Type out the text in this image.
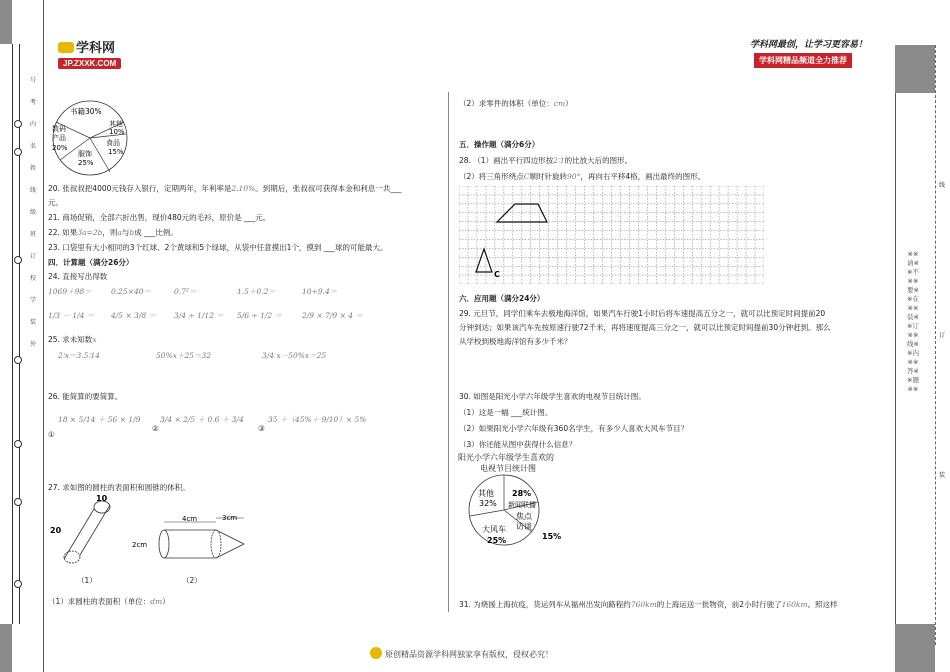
号
考
内
名
姓
线
级
班
订
校
学
装
外
※※请※※不※※要※※在※※装※※订※※线※※内※※答※※题※※
线
订
装
学科网
JP.ZXXK.COM
学科网最创，让学习更容易！
学科网精品频道全力推荐
书籍30%
其他
10%
数码
产品
20%
食品
15%
服饰
25%
20. 张叔叔把4000元钱存入银行，定期两年，年利率是2.10%。到期后，张叔叔可获得本金和利息一共___
元。
21. 商场促销，全部六折出售，现价480元的毛衫，原价是 ___元。
22. 如果3a=2b，则a与b成 ___比例。
23. 口袋里有大小相同的3个红球、2个黄球和5个绿球，从袋中任意摸出1个，摸到 ___球的可能最大。
四．计算题（满分26分）
24. 直接写出得数
1069＋98＝	0.25×40＝	0.7²＝	1.5＋0.2＝	10÷9.4＝
1/3 － 1/4 ＝ 4/5 × 3/8 ＝ 3/4 ÷ 1/12 ＝ 5/6 ÷ 1/2 ＝	2/9 × 7/9 × 4 ＝
25. 求未知数x
2∶x＝3.5∶14	50%x＋25＝32	3/4 x－50%x＝25
26. 能简算的要简算。
18 × 5/14 ＋ 56 × 1/9	3/4 × 2/5 ＋ 0.6 ＋ 3/4	35 ＋（45%＋ 9/10）× 5%
①
②	③
27. 求如图的圆柱的表面积和圆锥的体积。
10
20
（1）
4cm	3cm
2cm
（2）
（1）求圆柱的表面积（单位：dm）
（2）求零件的体积（单位：cm）
五．操作题（满分6分）
28. （1）画出平行四边形按2∶1的比放大后的图形。
（2）将三角形绕点C顺时针旋转90°，再向右平移4格，画出最终的图形。
C
六．应用题（满分24分）
29. 元旦节，同学们乘车去极地海洋馆，如果汽车行驶1小时后将车速提高五分之一，就可以比预定时间提前20
分钟到达；如果该汽车先按原速行驶72千米，再将速度提高三分之一，就可以比预定时间提前30分钟赶到。那么
从学校到极地海洋馆有多少千米？
30. 如图是阳光小学六年级学生喜欢的电视节目统计图。
（1）这是一幅 ___统计图。
（2）如果阳光小学六年级有360名学生，有多少人喜欢大风车节目？
（3）你还能从图中获得什么信息？
阳光小学六年级学生喜欢的
电视节目统计图
其他
32%
28%
新闻联播
焦点
访谈
15%
大风车
25%
31. 为烧援上海抗疫，货运列车从福州出发向路程约760km的上海运送一批物资，前2小时行驶了160km。照这样
原创精品资源学科网独家享有版权，侵权必究！
